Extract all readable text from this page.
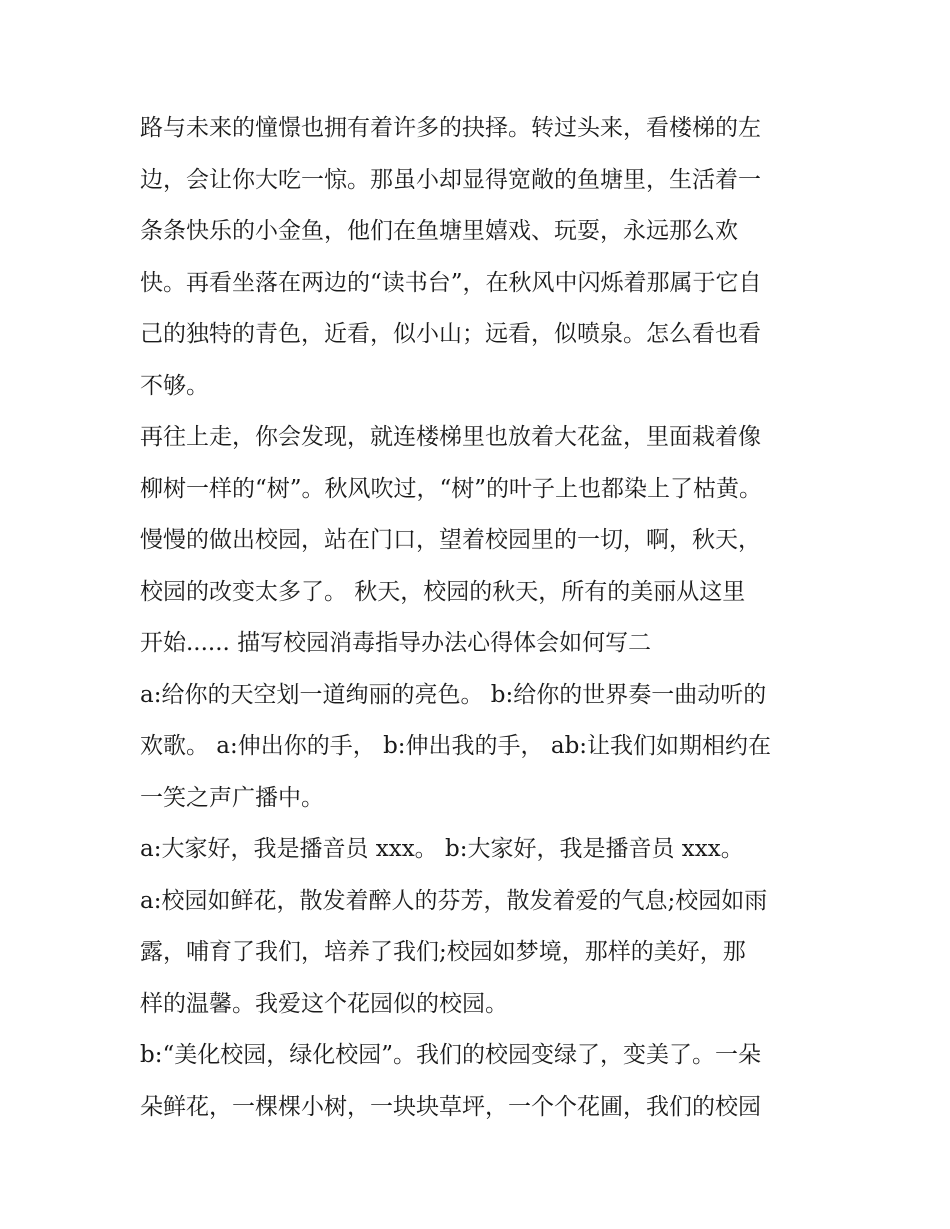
路与未来的憧憬也拥有着许多的抉择。转过头来，看楼梯的左
边，会让你大吃一惊。那虽小却显得宽敞的鱼塘里，生活着一
条条快乐的小金鱼，他们在鱼塘里嬉戏、玩耍，永远那么欢
快。再看坐落在两边的“读书台”，在秋风中闪烁着那属于它自
己的独特的青色，近看，似小山；远看，似喷泉。怎么看也看
不够。
再往上走，你会发现，就连楼梯里也放着大花盆，里面栽着像
柳树一样的“树”。秋风吹过，“树”的叶子上也都染上了枯黄。
慢慢的做出校园，站在门口，望着校园里的一切，啊，秋天，
校园的改变太多了。 秋天，校园的秋天，所有的美丽从这里
开始...... 描写校园消毒指导办法心得体会如何写二
a:给你的天空划一道绚丽的亮色。 b:给你的世界奏一曲动听的
欢歌。 a:伸出你的手， b:伸出我的手， ab:让我们如期相约在
一笑之声广播中。
a:大家好，我是播音员 xxx。 b:大家好，我是播音员 xxx。
a:校园如鲜花，散发着醉人的芬芳，散发着爱的气息;校园如雨
露，哺育了我们，培养了我们;校园如梦境，那样的美好，那
样的温馨。我爱这个花园似的校园。
b:“美化校园，绿化校园”。我们的校园变绿了，变美了。一朵
朵鲜花，一棵棵小树，一块块草坪，一个个花圃，我们的校园
